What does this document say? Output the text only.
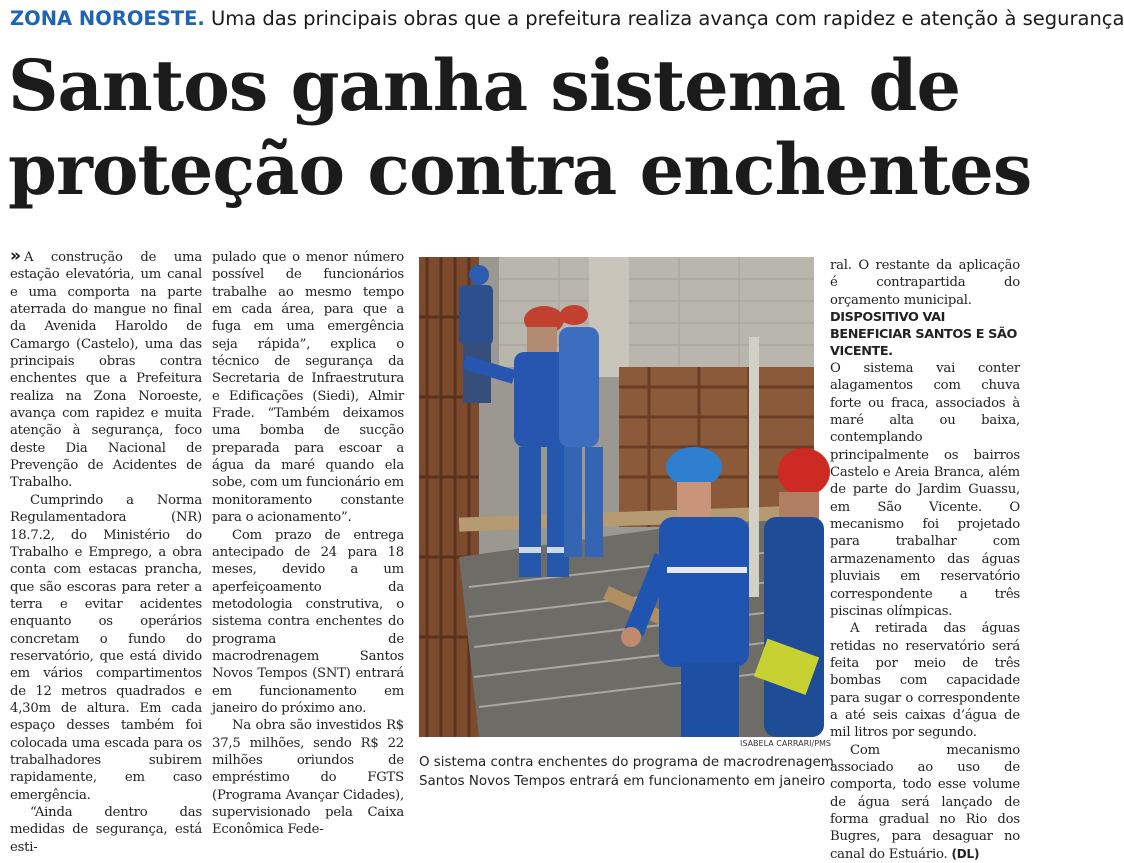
ZONA NOROESTE. Uma das principais obras que a prefeitura realiza avança com rapidez e atenção à segurança
Santos ganha sistema de
proteção contra enchentes

» A construção de uma estação elevatória, um canal e uma comporta na parte aterrada do mangue no final da Avenida Haroldo de Camargo (Castelo), uma das principais obras contra enchentes que a Prefeitura realiza na Zona Noroeste, avança com rapidez e muita atenção à segurança, foco deste Dia Nacional de Prevenção de Acidentes de Trabalho.

Cumprindo a Norma Regulamentadora (NR) 18.7.2, do Ministério do Trabalho e Emprego, a obra conta com estacas prancha, que são escoras para reter a terra e evitar acidentes enquanto os operários concretam o fundo do reservatório, que está divido em vários compartimentos de 12 metros quadrados e 4,30m de altura. Em cada espaço desses também foi colocada uma escada para os trabalhadores subirem rapidamente, em caso emergência.

“Ainda dentro das medidas de segurança, está esti-

pulado que o menor número possível de funcionários trabalhe ao mesmo tempo em cada área, para que a fuga em uma emergência seja rápida”, explica o técnico de segurança da Secretaria de Infraestrutura e Edificações (Siedi), Almir Frade. “Também deixamos uma bomba de sucção preparada para escoar a água da maré quando ela sobe, com um funcionário em monitoramento constante para o acionamento”.

Com prazo de entrega antecipado de 24 para 18 meses, devido a um aperfeiçoamento da metodologia construtiva, o sistema contra enchentes do programa de macrodrenagem Santos Novos Tempos (SNT) entrará em funcionamento em janeiro do próximo ano.

Na obra são investidos R$ 37,5 milhões, sendo R$ 22 milhões oriundos de empréstimo do FGTS (Programa Avançar Cidades), supervisionado pela Caixa Econômica Fede-

ISABELA CARRARI/PMS
O sistema contra enchentes do programa de macrodrenagem
Santos Novos Tempos entrará em funcionamento em janeiro

ral. O restante da aplicação é contrapartida do orçamento municipal.

DISPOSITIVO VAI BENEFICIAR SANTOS E SÃO VICENTE.

O sistema vai conter alagamentos com chuva forte ou fraca, associados à maré alta ou baixa, contemplando principalmente os bairros Castelo e Areia Branca, além de parte do Jardim Guassu, em São Vicente. O mecanismo foi projetado para trabalhar com armazenamento das águas pluviais em reservatório correspondente a três piscinas olímpicas.

A retirada das águas retidas no reservatório será feita por meio de três bombas com capacidade para sugar o correspondente a até seis caixas d’água de mil litros por segundo.

Com mecanismo associado ao uso de comporta, todo esse volume de água será lançado de forma gradual no Rio dos Bugres, para desaguar no canal do Estuário. (DL)
